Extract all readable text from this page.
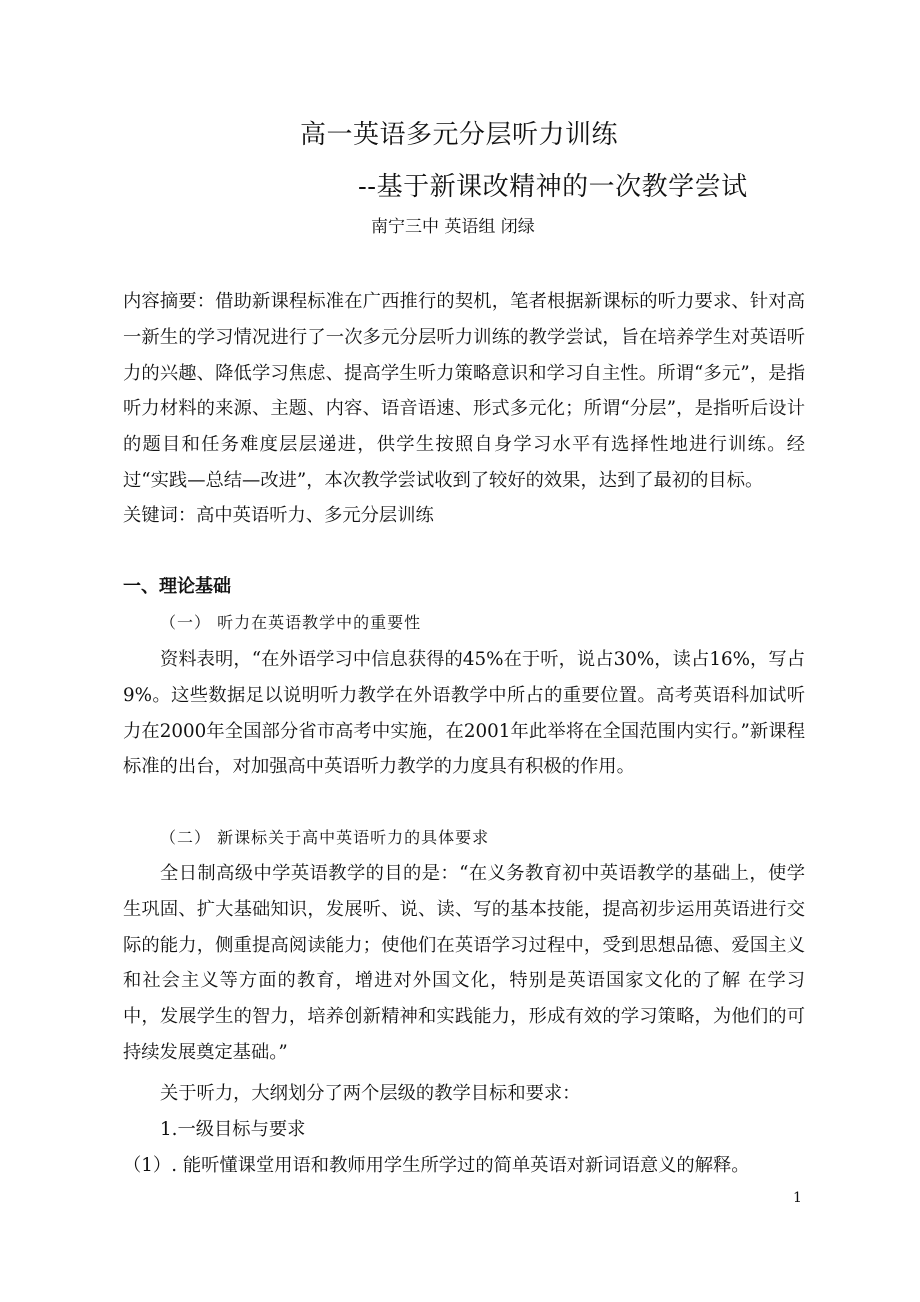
高一英语多元分层听力训练
--基于新课改精神的一次教学尝试
南宁三中 英语组 闭绿
内容摘要：借助新课程标准在广西推行的契机，笔者根据新课标的听力要求、针对高一新生的学习情况进行了一次多元分层听力训练的教学尝试，旨在培养学生对英语听力的兴趣、降低学习焦虑、提高学生听力策略意识和学习自主性。所谓“多元”，是指听力材料的来源、主题、内容、语音语速、形式多元化；所谓“分层”，是指听后设计的题目和任务难度层层递进，供学生按照自身学习水平有选择性地进行训练。经过“实践—总结—改进”，本次教学尝试收到了较好的效果，达到了最初的目标。
关键词：高中英语听力、多元分层训练
一、理论基础
（一） 听力在英语教学中的重要性
资料表明，“在外语学习中信息获得的45%在于听，说占30%，读占16%，写占9%。这些数据足以说明听力教学在外语教学中所占的重要位置。高考英语科加试听力在2000年全国部分省市高考中实施，在2001年此举将在全国范围内实行。”新课程标准的出台，对加强高中英语听力教学的力度具有积极的作用。
（二） 新课标关于高中英语听力的具体要求
全日制高级中学英语教学的目的是：“在义务教育初中英语教学的基础上，使学生巩固、扩大基础知识，发展听、说、读、写的基本技能，提高初步运用英语进行交际的能力，侧重提高阅读能力；使他们在英语学习过程中，受到思想品德、爱国主义和社会主义等方面的教育，增进对外国文化，特别是英语国家文化的了解 在学习中，发展学生的智力，培养创新精神和实践能力，形成有效的学习策略，为他们的可持续发展奠定基础。”
关于听力，大纲划分了两个层级的教学目标和要求：
1.一级目标与要求
（1）. 能听懂课堂用语和教师用学生所学过的简单英语对新词语意义的解释。
1
